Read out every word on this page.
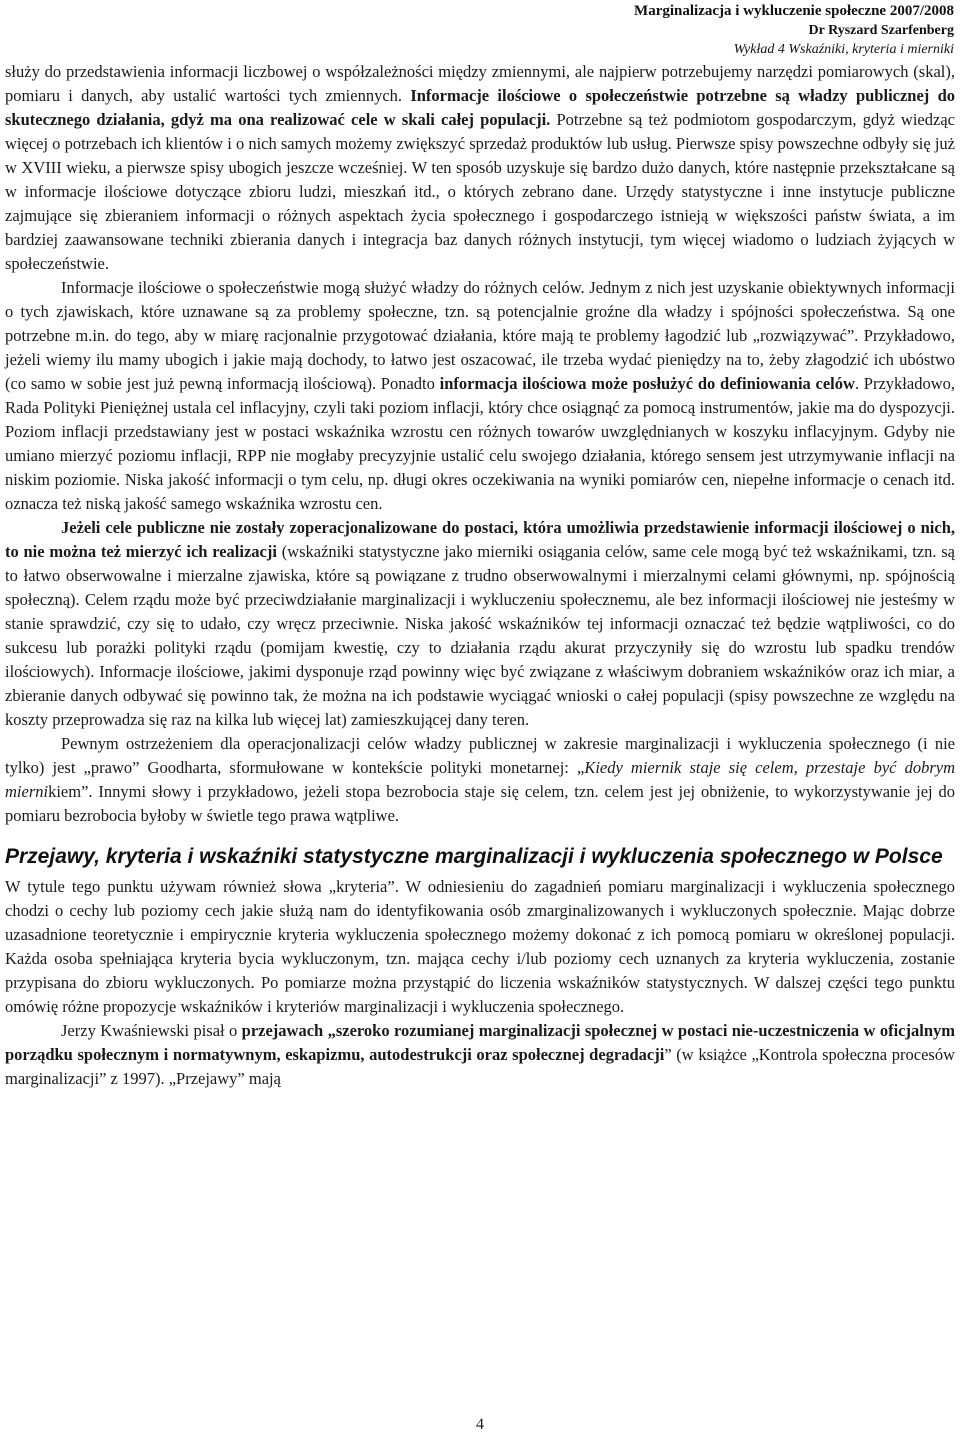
Marginalizacja i wykluczenie społeczne 2007/2008
Dr Ryszard Szarfenberg
Wykład 4 Wskaźniki, kryteria i mierniki

służy do przedstawienia informacji liczbowej o współzależności między zmiennymi, ale najpierw potrzebujemy narzędzi pomiarowych (skal), pomiaru i danych, aby ustalić wartości tych zmiennych. Informacje ilościowe o społeczeństwie potrzebne są władzy publicznej do skutecznego działania, gdyż ma ona realizować cele w skali całej populacji. Potrzebne są też podmiotom gospodarczym, gdyż wiedząc więcej o potrzebach ich klientów i o nich samych możemy zwiększyć sprzedaż produktów lub usług. Pierwsze spisy powszechne odbyły się już w XVIII wieku, a pierwsze spisy ubogich jeszcze wcześniej. W ten sposób uzyskuje się bardzo dużo danych, które następnie przekształcane są w informacje ilościowe dotyczące zbioru ludzi, mieszkań itd., o których zebrano dane. Urzędy statystyczne i inne instytucje publiczne zajmujące się zbieraniem informacji o różnych aspektach życia społecznego i gospodarczego istnieją w większości państw świata, a im bardziej zaawansowane techniki zbierania danych i integracja baz danych różnych instytucji, tym więcej wiadomo o ludziach żyjących w społeczeństwie.

Informacje ilościowe o społeczeństwie mogą służyć władzy do różnych celów. Jednym z nich jest uzyskanie obiektywnych informacji o tych zjawiskach, które uznawane są za problemy społeczne, tzn. są potencjalnie groźne dla władzy i spójności społeczeństwa. Są one potrzebne m.in. do tego, aby w miarę racjonalnie przygotować działania, które mają te problemy łagodzić lub „rozwiązywać”. Przykładowo, jeżeli wiemy ilu mamy ubogich i jakie mają dochody, to łatwo jest oszacować, ile trzeba wydać pieniędzy na to, żeby złagodzić ich ubóstwo (co samo w sobie jest już pewną informacją ilościową). Ponadto informacja ilościowa może posłużyć do definiowania celów. Przykładowo, Rada Polityki Pieniężnej ustala cel inflacyjny, czyli taki poziom inflacji, który chce osiągnąć za pomocą instrumentów, jakie ma do dyspozycji. Poziom inflacji przedstawiany jest w postaci wskaźnika wzrostu cen różnych towarów uwzględnianych w koszyku inflacyjnym. Gdyby nie umiano mierzyć poziomu inflacji, RPP nie mogłaby precyzyjnie ustalić celu swojego działania, którego sensem jest utrzymywanie inflacji na niskim poziomie. Niska jakość informacji o tym celu, np. długi okres oczekiwania na wyniki pomiarów cen, niepełne informacje o cenach itd. oznacza też niską jakość samego wskaźnika wzrostu cen.

Jeżeli cele publiczne nie zostały zoperacjonalizowane do postaci, która umożliwia przedstawienie informacji ilościowej o nich, to nie można też mierzyć ich realizacji (wskaźniki statystyczne jako mierniki osiągania celów, same cele mogą być też wskaźnikami, tzn. są to łatwo obserwowalne i mierzalne zjawiska, które są powiązane z trudno obserwowalnymi i mierzalnymi celami głównymi, np. spójnością społeczną). Celem rządu może być przeciwdziałanie marginalizacji i wykluczeniu społecznemu, ale bez informacji ilościowej nie jesteśmy w stanie sprawdzić, czy się to udało, czy wręcz przeciwnie. Niska jakość wskaźników tej informacji oznaczać też będzie wątpliwości, co do sukcesu lub porażki polityki rządu (pomijam kwestię, czy to działania rządu akurat przyczyniły się do wzrostu lub spadku trendów ilościowych). Informacje ilościowe, jakimi dysponuje rząd powinny więc być związane z właściwym dobraniem wskaźników oraz ich miar, a zbieranie danych odbywać się powinno tak, że można na ich podstawie wyciągać wnioski o całej populacji (spisy powszechne ze względu na koszty przeprowadza się raz na kilka lub więcej lat) zamieszkującej dany teren.

Pewnym ostrzeżeniem dla operacjonalizacji celów władzy publicznej w zakresie marginalizacji i wykluczenia społecznego (i nie tylko) jest „prawo” Goodharta, sformułowane w kontekście polityki monetarnej: „Kiedy miernik staje się celem, przestaje być dobrym miernikiem”. Innymi słowy i przykładowo, jeżeli stopa bezrobocia staje się celem, tzn. celem jest jej obniżenie, to wykorzystywanie jej do pomiaru bezrobocia byłoby w świetle tego prawa wątpliwe.

Przejawy, kryteria i wskaźniki statystyczne marginalizacji i wykluczenia społecznego w Polsce

W tytule tego punktu używam również słowa „kryteria”. W odniesieniu do zagadnień pomiaru marginalizacji i wykluczenia społecznego chodzi o cechy lub poziomy cech jakie służą nam do identyfikowania osób zmarginalizowanych i wykluczonych społecznie. Mając dobrze uzasadnione teoretycznie i empirycznie kryteria wykluczenia społecznego możemy dokonać z ich pomocą pomiaru w określonej populacji. Każda osoba spełniająca kryteria bycia wykluczonym, tzn. mająca cechy i/lub poziomy cech uznanych za kryteria wykluczenia, zostanie przypisana do zbioru wykluczonych. Po pomiarze można przystąpić do liczenia wskaźników statystycznych. W dalszej części tego punktu omówię różne propozycje wskaźników i kryteriów marginalizacji i wykluczenia społecznego.

Jerzy Kwaśniewski pisał o przejawach „szeroko rozumianej marginalizacji społecznej w postaci nie-uczestniczenia w oficjalnym porządku społecznym i normatywnym, eskapizmu, autodestrukcji oraz społecznej degradacji” (w książce „Kontrola społeczna procesów marginalizacji” z 1997). „Przejawy” mają

4
